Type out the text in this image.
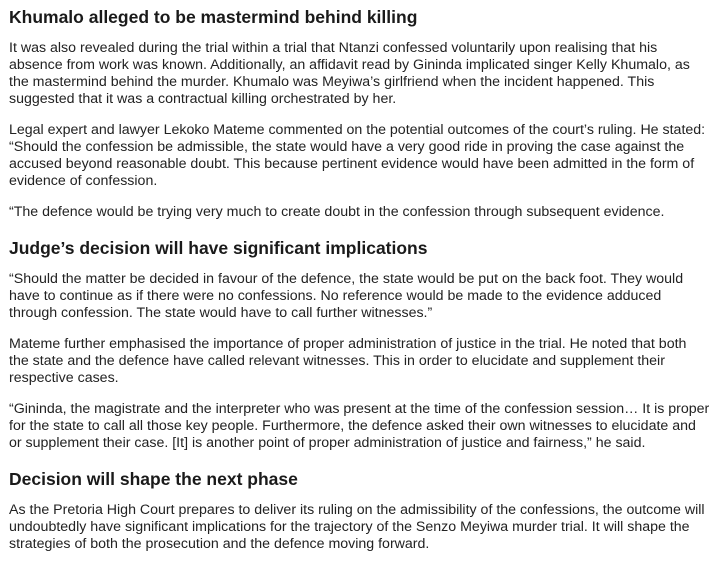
Khumalo alleged to be mastermind behind killing

It was also revealed during the trial within a trial that Ntanzi confessed voluntarily upon realising that his absence from work was known. Additionally, an affidavit read by Gininda implicated singer Kelly Khumalo, as the mastermind behind the murder. Khumalo was Meyiwa’s girlfriend when the incident happened. This suggested that it was a contractual killing orchestrated by her.

Legal expert and lawyer Lekoko Mateme commented on the potential outcomes of the court’s ruling. He stated: “Should the confession be admissible, the state would have a very good ride in proving the case against the accused beyond reasonable doubt. This because pertinent evidence would have been admitted in the form of evidence of confession.

“The defence would be trying very much to create doubt in the confession through subsequent evidence.

Judge’s decision will have significant implications

“Should the matter be decided in favour of the defence, the state would be put on the back foot. They would have to continue as if there were no confessions. No reference would be made to the evidence adduced through confession. The state would have to call further witnesses.”

Mateme further emphasised the importance of proper administration of justice in the trial. He noted that both the state and the defence have called relevant witnesses. This in order to elucidate and supplement their respective cases.

“Gininda, the magistrate and the interpreter who was present at the time of the confession session… It is proper for the state to call all those key people. Furthermore, the defence asked their own witnesses to elucidate and or supplement their case. [It] is another point of proper administration of justice and fairness,” he said.

Decision will shape the next phase

As the Pretoria High Court prepares to deliver its ruling on the admissibility of the confessions, the outcome will undoubtedly have significant implications for the trajectory of the Senzo Meyiwa murder trial. It will shape the strategies of both the prosecution and the defence moving forward.
